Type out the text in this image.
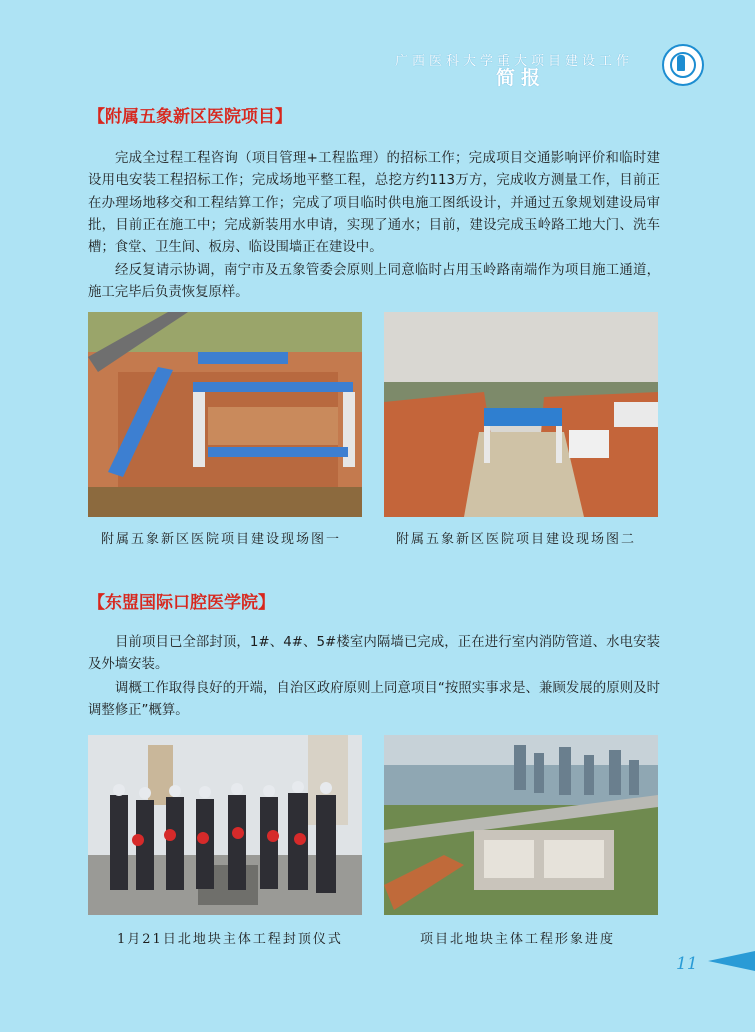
广西医科大学重大项目建设工作
简报
【附属五象新区医院项目】

完成全过程工程咨询（项目管理+工程监理）的招标工作；完成项目交通影响评价和临时建设用电安装工程招标工作；完成场地平整工程，总挖方约113万方，完成收方测量工作，目前正在办理场地移交和工程结算工作；完成了项目临时供电施工图纸设计，并通过五象规划建设局审批，目前正在施工中；完成新装用水申请，实现了通水；目前，建设完成玉岭路工地大门、洗车槽；食堂、卫生间、板房、临设围墙正在建设中。

经反复请示协调，南宁市及五象管委会原则上同意临时占用玉岭路南端作为项目施工通道，施工完毕后负责恢复原样。

附属五象新区医院项目建设现场图一	附属五象新区医院项目建设现场图二
【东盟国际口腔医学院】

目前项目已全部封顶，1#、4#、5#楼室内隔墙已完成，正在进行室内消防管道、水电安装及外墙安装。

调概工作取得良好的开端，自治区政府原则上同意项目“按照实事求是、兼顾发展的原则及时调整修正”概算。

1月21日北地块主体工程封顶仪式	项目北地块主体工程形象进度
11
